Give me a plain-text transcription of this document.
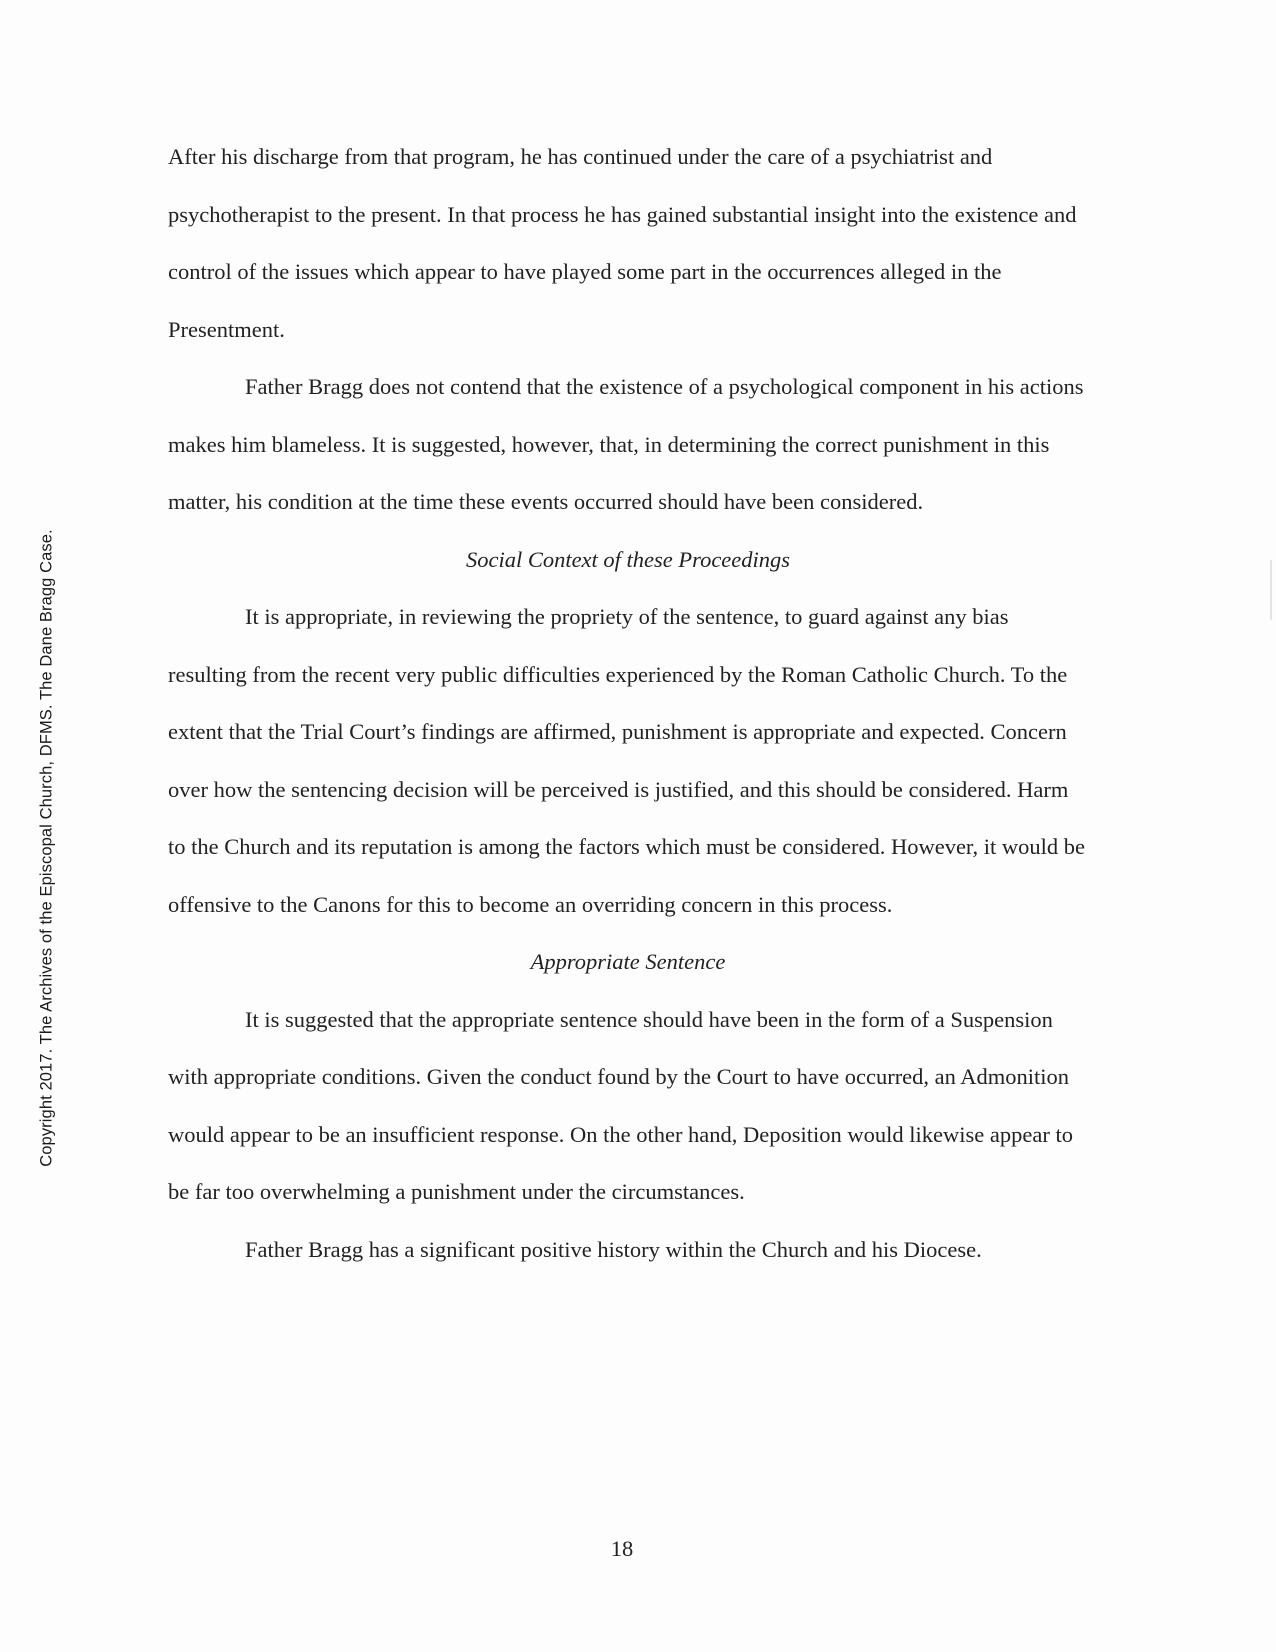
Copyright 2017. The Archives of the Episcopal Church, DFMS. The Dane Bragg Case.

After his discharge from that program, he has continued under the care of a psychiatrist and psychotherapist to the present. In that process he has gained substantial insight into the existence and control of the issues which appear to have played some part in the occurrences alleged in the Presentment.

Father Bragg does not contend that the existence of a psychological component in his actions makes him blameless. It is suggested, however, that, in determining the correct punishment in this matter, his condition at the time these events occurred should have been considered.

Social Context of these Proceedings

It is appropriate, in reviewing the propriety of the sentence, to guard against any bias resulting from the recent very public difficulties experienced by the Roman Catholic Church. To the extent that the Trial Court’s findings are affirmed, punishment is appropriate and expected. Concern over how the sentencing decision will be perceived is justified, and this should be considered. Harm to the Church and its reputation is among the factors which must be considered. However, it would be offensive to the Canons for this to become an overriding concern in this process.

Appropriate Sentence

It is suggested that the appropriate sentence should have been in the form of a Suspension with appropriate conditions. Given the conduct found by the Court to have occurred, an Admonition would appear to be an insufficient response. On the other hand, Deposition would likewise appear to be far too overwhelming a punishment under the circumstances.

Father Bragg has a significant positive history within the Church and his Diocese.

18
